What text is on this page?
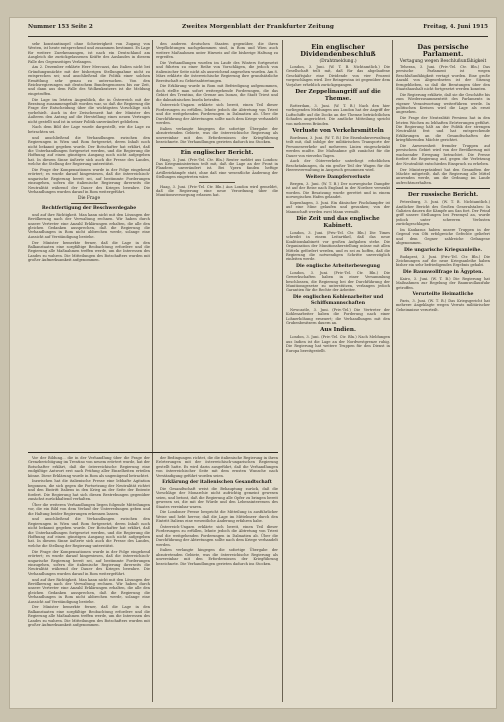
Nummer 153 Seite 2	Zweites Morgenblatt der Frankfurter Zeitung	Freitag, 4. Juni 1915

sehr konstantinopel ohne Schwierigkeit von Zugang von Westen, ist heute entsprechend und zusammen bestimmt. Es Lage für weitere Zuerkennungen, ist nach ein Deutschland am Ausgleich die zurückgelassenen Kräfte des Auslandes in diesem Falle des Gegenseitiges Verlangen.

Am 2. Dezember erklärte Herr Mercuzzi, das Italien nicht bei Gründungsmächte mit der bisherigen Stellungnahme nicht zu entsprechen sei; und anschließend die Politik einer solchen Ermittlung sehr genau zu untersuchen. Von den Reichsregierungen mit deutschem Bundesgenossen bis zur Zeit, und dann aus dem Falle des Wolkenkratzers ist die Meldung eingetroffen.

Die Lage im letzten Augenblick, die in Österreich mit der Beratung zusammengefaßt worden war, so daß die Regierung die Frage der Entscheidung über die wichtigsten Vorschläge sich vorbehielt. Auch in der Zwischenzeit hat der Minister des Äußeren den Antrag auf die Herstellung eines neuen Vertrages nicht gestellt und ist in seiner Politik unverändert geblieben.

Nach dem Bild der Lage wurde dargestellt, wie die Lage zu betrachten sei.

und anschließend die Verhandlungen zwischen den Regierungen in Wien und Rom fortgesetzt, deren Inhalt noch nicht bekannt gegeben wurde. Der Botschafter hat erklärt, daß die Unterhandlungen fortgesetzt werden, und die Regierung die Hoffnung auf einen günstigen Ausgang noch nicht aufgegeben hat. In diesem Sinne äußerte sich auch die Presse des Landes, welche die Stellung der Regierung unterstützt.

Die Frage der Kompensationen wurde in der Folge eingehend erörtert; es wurde darauf hingewiesen, daß die österreichisch-ungarische Regierung bereit sei, auf bestimmte Forderungen einzugehen, sofern die italienische Regierung ihrerseits die Neutralität während der Dauer des Krieges bewahre. Die Verhandlungen wurden darauf in Rom weitergeführt.

Die Frage
Rechtfertigung der Beschwerdegabe

und auf ihre Richtigkeit. Man kann nicht mit den Lösungen der Bevölkerung nach der Verwaltung rechnen. Wir haben durch unsere Vertreter eine Anzahl Erklärungen erhalten, die alle den gleichen Gedanken aussprechen, daß die Regierung die Verhandlungen in Rom nicht abbrechen werde, solange eine Aussicht auf Verständigung bestehe.

Der Minister bemerkte ferner, daß die Lage in den Balkanstaaten eine sorgfältige Beobachtung erfordere und die Regierung alle Maßnahmen treffen werde, um die Interessen des Landes zu wahren. Die Mitteilungen des Botschafters wurden mit großer Aufmerksamkeit aufgenommen.

den anderen deutschen Staaten gegenüber, die ihren Verpflichtungen nachgekommen sind, in Rom und Wien auch weitere Maßnahmen unter Hinweis auf die bisherige Haltung zu ergreifen.

Die Verhandlungen wurden im Laufe des Winters fortgesetzt und führten zu einer Reihe von Vorschlägen, die jedoch von italienischer Seite nicht als ausreichend angesehen wurden. Am 8. März erklärte die österreichische Regierung ihre grundsätzliche Bereitschaft zu Gebietsabtretungen.

Die Erklärung wurde in Rom mit Befriedigung aufgenommen, doch stellte man sofort weitergehende Forderungen, die das Gebiet des Trentino, die Grenze am Isonzo, die Stadt Triest und die dalmatinischen Inseln betrafen.

Österreich-Ungarn erklärte sich bereit, einen Teil dieser Forderungen zu erfüllen, lehnte jedoch die Abtretung von Triest und die weitgehenden Forderungen in Dalmatien ab. Über die Durchführung der Abtretungen sollte nach dem Kriege verhandelt werden.

Italien verlangte hingegen die sofortige Übergabe der abzutretenden Gebiete, was die österreichische Regierung als unvereinbar mit den Erfordernissen der Kriegführung bezeichnete. Die Verhandlungen gerieten dadurch ins Stocken.

Ein englischer Bericht.

Haag, 3. Juni. (Priv.-Tel. Ctr. Bln.) Reuter meldet aus London: Das Kriegsministerium teilt mit, daß die Lage an der Front in Flandern unverändert ist. Bei Ypern fanden heftige Artilleriekämpfe statt, ohne daß eine wesentliche Änderung der Stellungen eingetreten wäre.

Haag, 3. Juni. (Priv.-Tel. Ctr. Bln.) Aus London wird gemeldet, daß die Regierung eine neue Verordnung über die Munitionsversorgung erlassen hat.

Vor der Bildung... die in der Verhandlung über die Frage der Grenzberichtigung im Trentino von neuem erörtert wurde, hat der Botschafter erklärt, daß die österreichische Regierung eine endgültige Antwort erst nach Prüfung aller Einzelheiten erteilen könne. Diese Erklärung wurde in Rom als ungenügend betrachtet.

Inzwischen hat die italienische Presse eine lebhafte Agitation begonnen, die sich gegen die Fortsetzung der Neutralität richtet und den Eintritt Italiens in den Krieg an der Seite der Entente fordert. Die Regierung hat sich diesen Bestrebungen gegenüber zunächst zurückhaltend verhalten.

Über die weiteren Verhandlungen liegen folgende Mitteilungen vor, die ein Bild von dem Verlauf der Unterredungen geben und die Haltung beider Regierungen erkennen lassen.

und anschließend die Verhandlungen zwischen den Regierungen in Wien und Rom fortgesetzt, deren Inhalt noch nicht bekannt gegeben wurde. Der Botschafter hat erklärt, daß die Unterhandlungen fortgesetzt werden, und die Regierung die Hoffnung auf einen günstigen Ausgang noch nicht aufgegeben hat. In diesem Sinne äußerte sich auch die Presse des Landes, welche die Stellung der Regierung unterstützt.

Die Frage der Kompensationen wurde in der Folge eingehend erörtert; es wurde darauf hingewiesen, daß die österreichisch-ungarische Regierung bereit sei, auf bestimmte Forderungen einzugehen, sofern die italienische Regierung ihrerseits die Neutralität während der Dauer des Krieges bewahre. Die Verhandlungen wurden darauf in Rom weitergeführt.

und auf ihre Richtigkeit. Man kann nicht mit den Lösungen der Bevölkerung nach der Verwaltung rechnen. Wir haben durch unsere Vertreter eine Anzahl Erklärungen erhalten, die alle den gleichen Gedanken aussprechen, daß die Regierung die Verhandlungen in Rom nicht abbrechen werde, solange eine Aussicht auf Verständigung bestehe.

Der Minister bemerkte ferner, daß die Lage in den Balkanstaaten eine sorgfältige Beobachtung erfordere und die Regierung alle Maßnahmen treffen werde, um die Interessen des Landes zu wahren. Die Mitteilungen des Botschafters wurden mit großer Aufmerksamkeit aufgenommen.

der Bedingungen richtet, die die italienische Regierung in ihren Erörterungen mit der österreichisch-ungarischen Regierung gestellt hatte. Es wird darin ausgeführt, daß die Verhandlungen von österreichischer Seite mit dem ernsten Wunsche nach Verständigung geführt worden seien.

Erklärung der italienischen Gesandtschaft

Die Gesandtschaft weist die Behauptung zurück, daß die Vorschläge der Monarchie nicht aufrichtig gemeint gewesen seien, und betont, daß die Regierung alle Opfer zu bringen bereit gewesen sei, die mit der Würde und den Lebensinteressen des Staates vereinbar waren.

Die Londoner Presse bespricht die Mitteilung in ausführlicher Weise und hebt hervor, daß die Lage im Mittelmeer durch den Eintritt Italiens eine wesentliche Änderung erfahren habe.

Österreich-Ungarn erklärte sich bereit, einen Teil dieser Forderungen zu erfüllen, lehnte jedoch die Abtretung von Triest und die weitgehenden Forderungen in Dalmatien ab. Über die Durchführung der Abtretungen sollte nach dem Kriege verhandelt werden.

Italien verlangte hingegen die sofortige Übergabe der abzutretenden Gebiete, was die österreichische Regierung als unvereinbar mit den Erfordernissen der Kriegführung bezeichnete. Die Verhandlungen gerieten dadurch ins Stocken.

Ein englischer Dividendenbeschluß
(Drahtmeldung.)

London, 3. Juni. (W. T. B. Nichtamtlich.) Die Gesellschaft teilt mit, daß für das abgelaufene Geschäftsjahr eine Dividende von vier Prozent vorgeschlagen wird. Der Reingewinn ist gegenüber dem Vorjahre erheblich zurückgegangen.

Der Zeppelinangriff auf die Themse.

Rotterdam, 3. Juni. (W. T. B.) Nach den hier vorliegenden Meldungen aus London hat der Angriff der Luftschiffe auf die Docks an der Themse beträchtlichen Schaden angerichtet. Die amtliche Mitteilung spricht von mehreren Bränden.

Verluste von Verkehrsmitteln

Bordeaux, 3. Juni. (W. T. B.) Die Eisenbahnverwaltung teilt mit, daß infolge der militärischen Transporte der Personenverkehr auf mehreren Linien eingeschränkt werden mußte. Die Maßnahme gilt zunächst für die Dauer von vierzehn Tagen.

Auch der Güterverkehr unterliegt erheblichen Beschränkungen, da ein großer Teil der Wagen für die Heeresverwaltung in Anspruch genommen wird.

Weitere Dampferverluste

Bergen, 3. Juni. (W. T. B.) Der norwegische Dampfer ist auf der Reise nach England in der Nordsee versenkt worden. Die Besatzung wurde gerettet und in einem norwegischen Hafen gelandet.

Kopenhagen, 3. Juni. Ein dänischer Fischdampfer ist auf eine Mine gelaufen und gesunken; von der Mannschaft werden zwei Mann vermißt.

Die Zeit und das englische Kabinett.

London, 3. Juni. (Priv.-Tel. Ctr. Bln.) Die Times schreibt in einem Leitartikel, daß das neue Koalitionskabinett vor großen Aufgaben stehe. Die Organisation der Munitionsherstellung müsse mit allen Mitteln gefördert werden, und es sei zu hoffen, daß die Regierung die notwendigen Schritte unverzüglich einleiten werde.

Die englische Arbeiterbewegung

London, 3. Juni. (Priv.-Tel. Ctr. Bln.) Die Gewerkschaften haben in einer Versammlung beschlossen, die Regierung bei der Durchführung der Munitionsgesetze zu unterstützen, verlangen jedoch Garantien für die Rechte der Arbeiter.

Die englischen Kohlenarbeiter und Schiffsmannschaften

Newcastle, 3. Juni. (Priv.-Tel.) Die Vertreter der Kohlenarbeiter haben die Forderung nach einer Lohnerhöhung erneuert; die Verhandlungen mit den Grubenbesitzern dauern an.

Aus Indien.

London, 3. Juni. (Priv.-Tel. Ctr. Bln.) Nach Meldungen aus Indien ist die Lage an der Nordwestgrenze ruhig. Die Regierung hat weitere Truppen für den Dienst in Europa bereitgestellt.

Das persische Parlament.
Vertagung wegen Beschlußunfähigkeit

Teheran, 3. Juni. (Priv.-Tel. Ctr. Bln.) Das persische Parlament ist wegen Beschlußunfähigkeit vertagt worden. Eine große Anzahl von Abgeordneten ist der Sitzung ferngeblieben, so daß die Beratungen über den Staatshaushalt nicht fortgesetzt werden konnten.

Die Regierung erklärte, daß sie die Geschäfte bis zum Wiederzusammentritt des Parlaments in eigener Verantwortung weiterführen werde. In politischen Kreisen wird die Lage als ernst angesehen.

Die Frage der Neutralität Persiens hat in den letzten Wochen zu lebhaften Erörterungen geführt. Die Regierung hält an der Politik der strengen Neutralität fest und hat entsprechende Erklärungen an die Gesandtschaften der kriegführenden Mächte gerichtet.

Die Anwesenheit fremder Truppen auf persischem Gebiet wird von der Bevölkerung mit wachsender Erregung betrachtet. Die Presse fordert die Regierung auf, gegen die Verletzung der Neutralität entschieden Einspruch zu erheben.

Der Ministerpräsident hat den Gesandten der Mächte mitgeteilt, daß die Regierung alle Mittel anwenden werde, um die Ordnung im Lande aufrechtzuerhalten.

Der russische Bericht.

Petersburg, 3. Juni. (W. T. B. Nichtamtlich.) Amtlicher Bericht des Großen Generalstabes: In Galizien dauern die Kämpfe am San fort. Der Feind griff unsere Stellungen bei Przemysl an, wurde jedoch unter schweren Verlusten zurückgeschlagen.

Im Kaukasus haben unsere Truppen in der Gegend von Olti erfolgreiche Gefechte geliefert und dem Gegner zahlreiche Gefangene abgenommen.

Die ungarische Kriegsanleihe.

Budapest, 3. Juni. (Priv.-Tel. Ctr. Bln.) Die Zeichnungen auf die neue Kriegsanleihe haben bisher ein sehr befriedigendes Ergebnis gehabt.

Die Baumwollfrage in Ägypten.

Kairo, 3. Juni. (W. T. B.) Die Regierung hat Maßnahmen zur Regelung der Baumwollausfuhr getroffen.

Verurteilte Heimatliche

Paris, 3. Juni. (W. T. B.) Das Kriegsgericht hat mehrere Angeklagte wegen Verrats militärischer Geheimnisse verurteilt.
